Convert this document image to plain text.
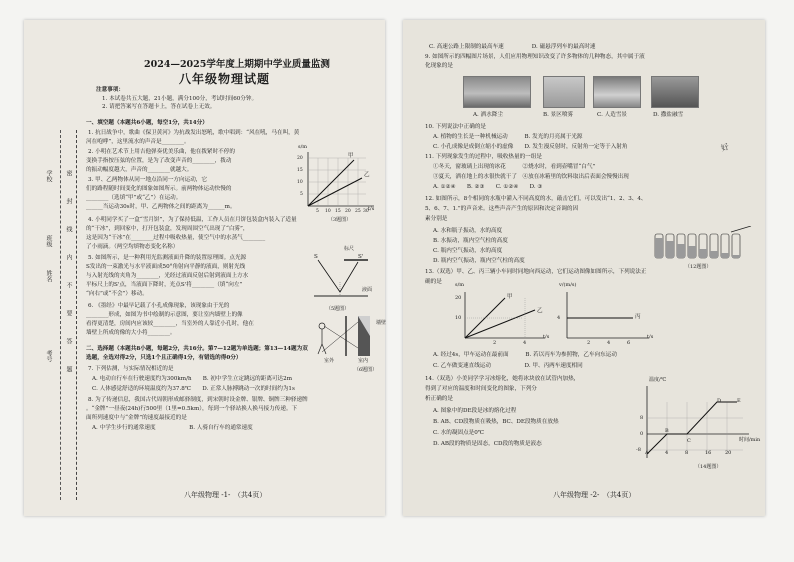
2024—2025学年度上期期中学业质量监测
八年级物理试题
注意事项：
1. 本试卷共五大题，21小题，满分100分，考试时间60分钟。
2. 请把答案写在答题卡上，答在试卷上无效。
学校
班级
姓名
考号 密　封　线　内　不　要　答　题
一、填空题（本题共6小题，每空1分，共14分）
1. 抗日战争中，歌曲《保卫黄河》为抗战发出怒吼，歌中唱到：“风在吼，马在叫，黄
河在咆哮”，这里流水的声音是________。
2. 小明在艺术节上用吉他弹奏优美乐曲，他在拨紧时不停的
变换手指按压弦的位置，是为了改变声音的________，拨动
的振动幅度越大，声音的________就越大。
3. 甲、乙两物体从同一地点沿同一方向运动，它
们的路程随时间变化的图象如图所示。前两物体运动快慢的
________（选填“甲”或“乙”）在运动。
______当运动30s时，甲、乙两物体之间的距离为______m。
4. 小明同学买了一盒“雪月饼”，为了保持低温，工作人员在月饼包装盒内装入了适量
的“干冰”，到回家中，打开包装盒，发现周围空气出现了“白雾”，
这是因为“干冰”在________过程中吸收热量，使空气中的水蒸气________
了小雨滴。（两空均填物态变化名称）
5. 如图所示，是一种利用光监测液面升降的装置原理图。点光源
S发出的一束激光与水平液面成50°角射向平静的液面，则射光线
与入射光线的夹角为________，光经过液面反射后射到液面上方水
平标尺上的S'点，当液面下降时，光点S'将________（填“向左”
“向右”或“不会”）移动。
6. 《墨经》中最早记载了小孔成像现象，该现象由于光的
________形成，如图为书中绘制的示意图，要让室内墙壁上的像
看得更清楚，房间内应该较________，当室外的人靠近小孔时，他在
墙壁上所成的像的大小将________。
二、选择题（本题共8小题，每题2分，共16分。第7—12题为单选题；第13—14题为双
选题，全选对得2分，只选1个且正确得1分，有错选的得0分）
7. 下列估测，与实际情况相近的是
A. 电动自行车在行驶速度约为300km/h　　B. 初中学生立定跳远的距离可达2m
C. 人体感觉舒适的环境温度约为37.8℃　　D. 正常人脉搏跳动一次的时间约为1s
8. 为了传递信息，我国古代周朝形成邮驿制度，到宋朝时设金牌、银牌、铜牌三种驿递牌
。“金牌”一昼夜(24h)行500里（1里=0.5km），每到一个驿站换人换马接力传递。下
面所列速度中与“金牌”的速度最接近的是
A. 中学生步行的通常速度　　　　　　B. 人骑自行车的通常速度
s/m
t/s
20
15
10
5
5 10 15 20 25 30
甲
乙
（3题图）
标尺
S	S'
液面
（5题图）
室外	室内
墙壁
（6题图）
八年级物理 -1-　（共4页）
C. 高速公路上限制的最高车速　　　　　D. 磁悬浮列车的最高时速
9. 如图所示的四幅图片场景，人们应用物理知识改变了许多物体的几种物态，其中属于液
化现象的是
A. 洒水降尘	B. 景区喷雾	C. 人造雪景	D. 撒盐融雪
10. 下列说法中正确的是
A. 植物的生长是一种机械运动　　　B. 发光的月亮属于光源
C. 小孔成像是成倒立缩小的虚像　　D. 发生漫反射时，反射角一定等于入射角
11. 下列现象发生的过程中，吸收热量的一组是
①冬天，窗玻璃上出现的冰花　　　②烧水时，看到壶嘴冒“白气”
③夏天，洒在地上的水很快就干了　④放在冰箱里的饮料取出后表面会慢慢出现
A. ①②④　　B. ②③　　C. ①②④　　D. ③
12. 如图所示，8个相同的水瓶中灌入不同高度的水，敲击它们，可以发出“1、2、3、4、
5、6、7、1.”的声音来。这些声音产生的原因和决定音调的因
素分别是
A. 水和瓶子振动，水的高度
B. 水振动，瓶内空气柱的高度
C. 瓶内空气振动，水的高度
D. 瓶内空气振动，瓶内空气柱的高度
13.（双选）甲、乙、丙三辆小车同时同地向西运动，它们运动图像如图所示，下列说法正
确的是
（12题图）
s/m
t/s
20
10
2	4
甲
乙
v/(m/s)
t/s
4
2	4	6
丙
A. 经过4s，甲车运动在最前面　　　B. 若以丙车为参照物，乙车向东运动
C. 乙车做变速直线运动　　　　　　D. 甲、丙两车速度相同
14.（双选）小美同学学习冰熔化，她将冰块放在试管内加热，
得到了对应的温度和时间变化的图象，下列分
析正确的是
A. 图象中的DE段是冰的熔化过程
B. AB、CD段物质在吸热，BC、DE段物质在放热
C. 水的凝固点是0℃
D. AB段的物质是固态，CD段的物质是液态
温度/℃
时间/min
8
0
-8	4	8	16	20
A
B
C
D	E
（14题图）
好
八年级物理 -2-　（共4页）
